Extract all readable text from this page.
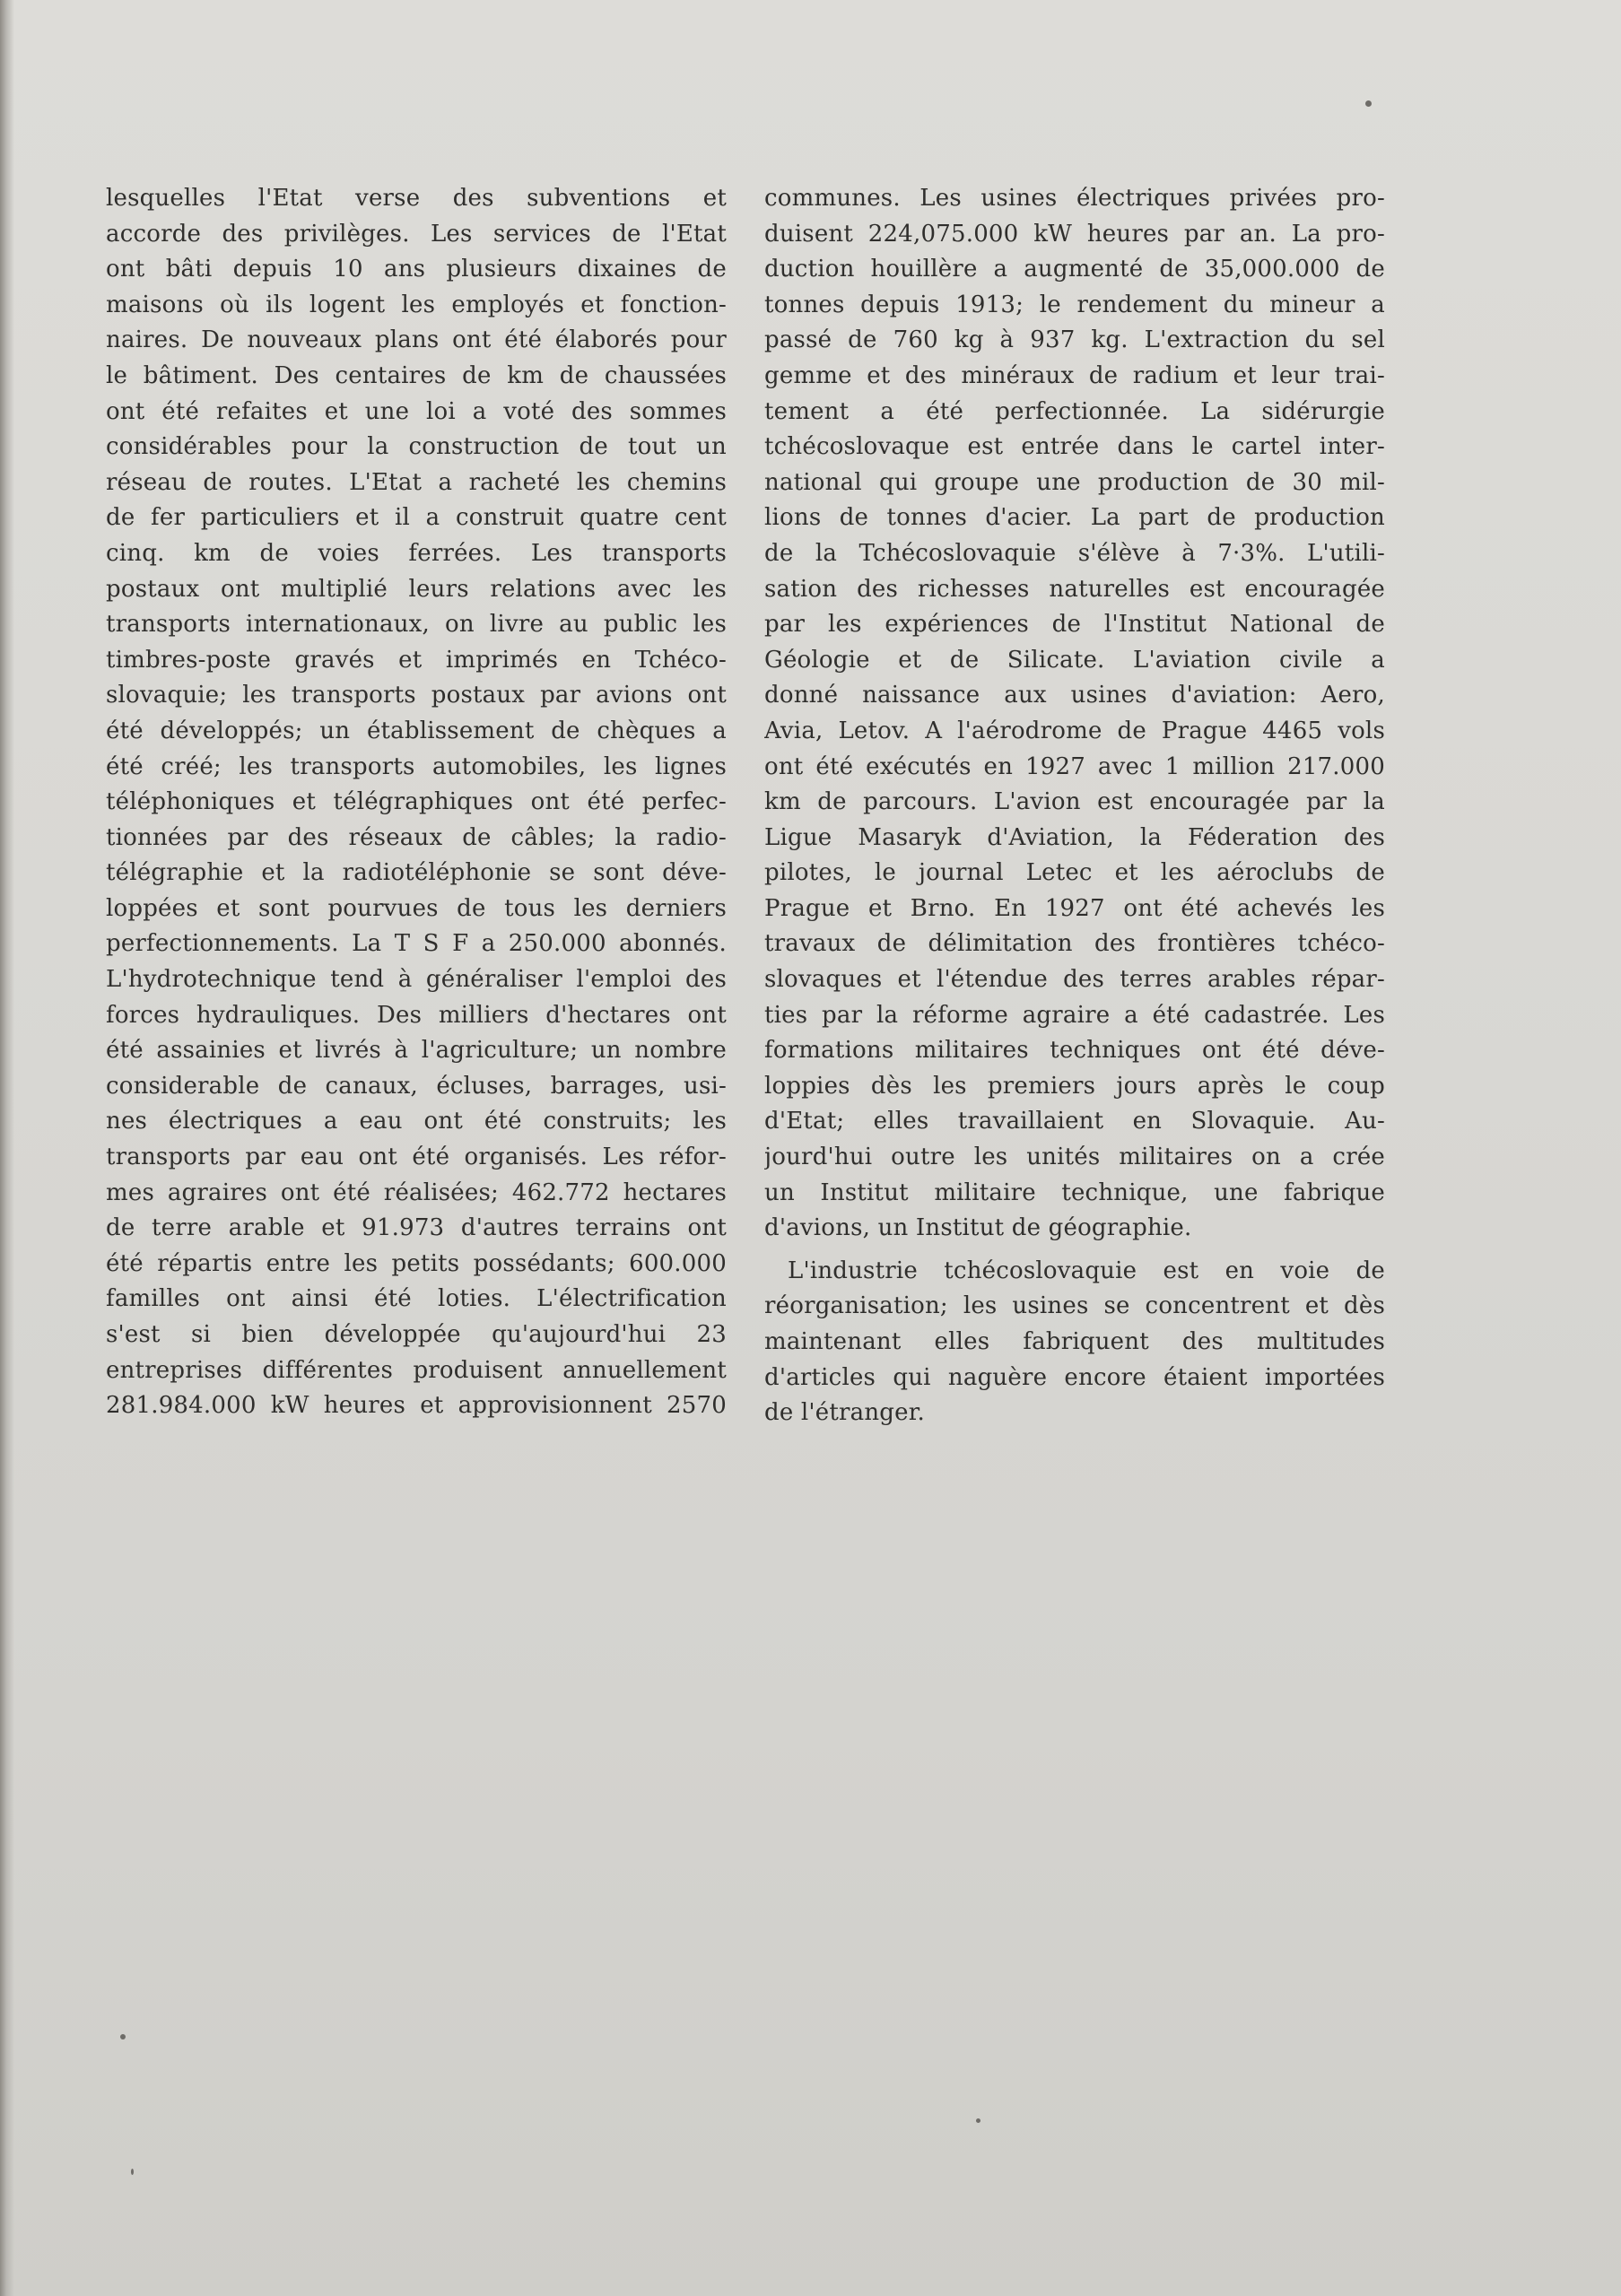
lesquelles l'Etat verse des subventions et
accorde des privilèges. Les services de l'Etat
ont bâti depuis 10 ans plusieurs dixaines de
maisons où ils logent les employés et fonction-
naires. De nouveaux plans ont été élaborés pour
le bâtiment. Des centaires de km de chaussées
ont été refaites et une loi a voté des sommes
considérables pour la construction de tout un
réseau de routes. L'Etat a racheté les chemins
de fer particuliers et il a construit quatre cent
cinq. km de voies ferrées. Les transports
postaux ont multiplié leurs relations avec les
transports internationaux, on livre au public les
timbres-poste gravés et imprimés en Tchéco-
slovaquie; les transports postaux par avions ont
été développés; un établissement de chèques a
été créé; les transports automobiles, les lignes
téléphoniques et télégraphiques ont été perfec-
tionnées par des réseaux de câbles; la radio-
télégraphie et la radiotéléphonie se sont déve-
loppées et sont pourvues de tous les derniers
perfectionnements. La T S F a 250.000 abonnés.
L'hydrotechnique tend à généraliser l'emploi des
forces hydrauliques. Des milliers d'hectares ont
été assainies et livrés à l'agriculture; un nombre
considerable de canaux, écluses, barrages, usi-
nes électriques a eau ont été construits; les
transports par eau ont été organisés. Les réfor-
mes agraires ont été réalisées; 462.772 hectares
de terre arable et 91.973 d'autres terrains ont
été répartis entre les petits possédants; 600.000
familles ont ainsi été loties. L'électrification
s'est si bien développée qu'aujourd'hui 23
entreprises différentes produisent annuellement
281.984.000 kW heures et approvisionnent 2570
communes. Les usines électriques privées pro-
duisent 224,075.000 kW heures par an. La pro-
duction houillère a augmenté de 35,000.000 de
tonnes depuis 1913; le rendement du mineur a
passé de 760 kg à 937 kg. L'extraction du sel
gemme et des minéraux de radium et leur trai-
tement a été perfectionnée. La sidérurgie
tchécoslovaque est entrée dans le cartel inter-
national qui groupe une production de 30 mil-
lions de tonnes d'acier. La part de production
de la Tchécoslovaquie s'élève à 7·3%. L'utili-
sation des richesses naturelles est encouragée
par les expériences de l'Institut National de
Géologie et de Silicate. L'aviation civile a
donné naissance aux usines d'aviation: Aero,
Avia, Letov. A l'aérodrome de Prague 4465 vols
ont été exécutés en 1927 avec 1 million 217.000
km de parcours. L'avion est encouragée par la
Ligue Masaryk d'Aviation, la Féderation des
pilotes, le journal Letec et les aéroclubs de
Prague et Brno. En 1927 ont été achevés les
travaux de délimitation des frontières tchéco-
slovaques et l'étendue des terres arables répar-
ties par la réforme agraire a été cadastrée. Les
formations militaires techniques ont été déve-
loppies dès les premiers jours après le coup
d'Etat; elles travaillaient en Slovaquie. Au-
jourd'hui outre les unités militaires on a crée
un Institut militaire technique, une fabrique
d'avions, un Institut de géographie.
L'industrie tchécoslovaquie est en voie de
réorganisation; les usines se concentrent et dès
maintenant elles fabriquent des multitudes
d'articles qui naguère encore étaient importées
de l'étranger.
